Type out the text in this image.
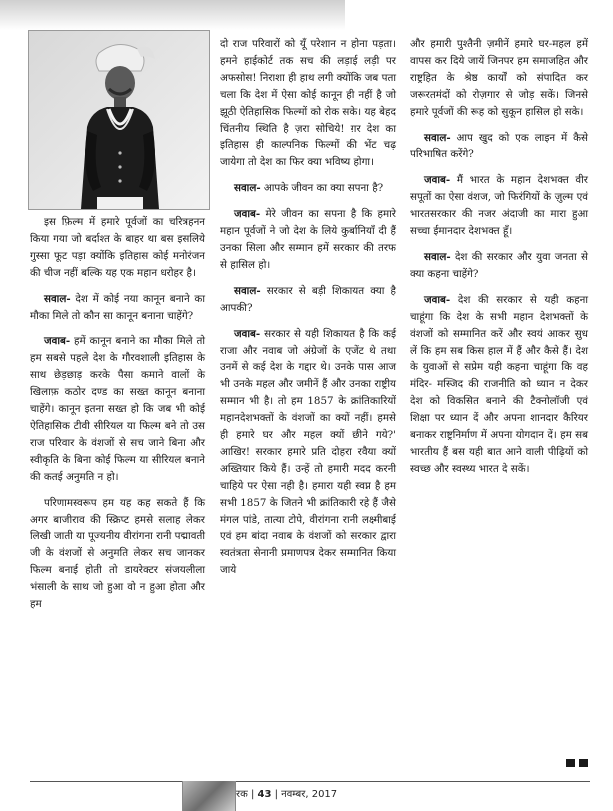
इस फ़िल्म में हमारे पूर्वजों का चरित्रहनन किया गया जो बर्दाश्त के बाहर था बस इसलिये गुस्सा फूट पड़ा क्योंकि इतिहास कोई मनोरंजन की चीज नहीं बल्कि यह एक महान धरोहर है।

सवाल- देश में कोई नया कानून बनाने का मौका मिले तो कौन सा कानून बनाना चाहेंगे?

जवाब- हमें कानून बनाने का मौका मिले तो हम सबसे पहले देश के गौरवशाली इतिहास के साथ छेड़छाड़ करके पैसा कमाने वालों के खिलाफ़ कठोर दण्ड का सख्त कानून बनाना चाहेंगे। कानून इतना सख्त हो कि जब भी कोई ऐतिहासिक टीवी सीरियल या फिल्म बने तो उस राज परिवार के वंशजों से सच जाने बिना और स्वीकृति के बिना कोई फिल्म या सीरियल बनाने की कतई अनुमति न हो।

परिणामस्वरूप हम यह कह सकते हैं कि अगर बाजीराव की स्क्रिप्ट हमसे सलाह लेकर लिखी जाती या पूज्यनीय वीरांगना रानी पद्मावती जी के वंशजों से अनुमति लेकर सच जानकर फिल्म बनाई होती तो डायरेक्टर संजयलीला भंसाली के साथ जो हुआ वो न हुआ होता और हम

दो राज परिवारों को यूँ परेशान न होना पड़ता। हमने हाईकोर्ट तक सच की लड़ाई लड़ी पर अफसोस! निराशा ही हाथ लगी क्योंकि जब पता चला कि देश में ऐसा कोई कानून ही नहीं है जो झूठी ऐतिहासिक फिल्मों को रोक सके। यह बेहद चिंतनीय स्थिति है ज़रा सोचिये! ग़र देश का इतिहास ही काल्पनिक फिल्मों की भेंट चढ़ जायेगा तो देश का फिर क्या भविष्य होगा।

सवाल- आपके जीवन का क्या सपना है?

जवाब- मेरे जीवन का सपना है कि हमारे महान पूर्वजों ने जो देश के लिये कुर्बानियाँ दी हैं उनका सिला और सम्मान हमें सरकार की तरफ से हासिल हो।

सवाल- सरकार से बड़ी शिकायत क्या है आपकी?

जवाब- सरकार से यही शिकायत है कि कई राजा और नवाब जो अंग्रेजों के एजेंट थे तथा उनमें से कई देश के गद्दार थे। उनके पास आज भी उनके महल और जमीनें हैं और उनका राष्ट्रीय सम्मान भी है। तो हम 1857 के क्रांतिकारियों महानदेशभक्तों के वंशजों का क्यों नहीं। हमसे ही हमारे घर और महल क्यों छीने गये?' आखिर! सरकार हमारे प्रति दोहरा रवैया क्यों अख्तियार किये हैं। उन्हें तो हमारी मदद करनी चाहिये पर ऐसा नही है। हमारा यही स्वप्न है हम सभी 1857 के जितने भी क्रांतिकारी रहे हैं जैसे मंगल पांडे, तात्या टोपे, वीरांगना रानी लक्ष्मीबाई एवं हम बांदा नवाब के वंशजों को सरकार द्वारा स्वतंत्रता सेनानी प्रमाणपत्र देकर सम्मानित किया जाये

और हमारी पुश्तैनी ज़मीनें हमारे घर-महल हमें वापस कर दिये जायें जिनपर हम समाजहित और राष्ट्रहित के श्रेष्ठ कार्यों को संपादित कर जरूरतमंदों को रोज़गार से जोड़ सकें। जिनसे हमारे पूर्वजों की रूह को सुकून हासिल हो सके।

सवाल- आप खुद को एक लाइन में कैसे परिभाषित करेंगे?

जवाब- मैं भारत के महान देशभक्त वीर सपूतों का ऐसा वंशज, जो फिरंगियों के ज़ुल्म एवं भारतसरकार की नजर अंदाजी का मारा हुआ सच्चा ईमानदार देशभक्त हूँ।

सवाल- देश की सरकार और युवा जनता से क्या कहना चाहेंगे?

जवाब- देश की सरकार से यही कहना चाहूंगा कि देश के सभी महान देशभक्तों के वंशजों को सम्मानित करें और स्वयं आकर सुध लें कि हम सब किस हाल में हैं और कैसे हैं। देश के युवाओं से सप्रेम यही कहना चाहूंगा कि वह मंदिर- मस्जिद की राजनीति को ध्यान न देकर देश को विकसित बनाने की टैक्नोलॉजी एवं शिक्षा पर ध्यान दें और अपना शानदार कैरियर बनाकर राष्ट्रनिर्माण में अपना योगदान दें। हम सब भारतीय हैं बस यही बात आने वाली पीढ़ियों को स्वच्छ और स्वस्थ्य भारत दे सकें।

रक | 43 | नवम्बर, 2017
